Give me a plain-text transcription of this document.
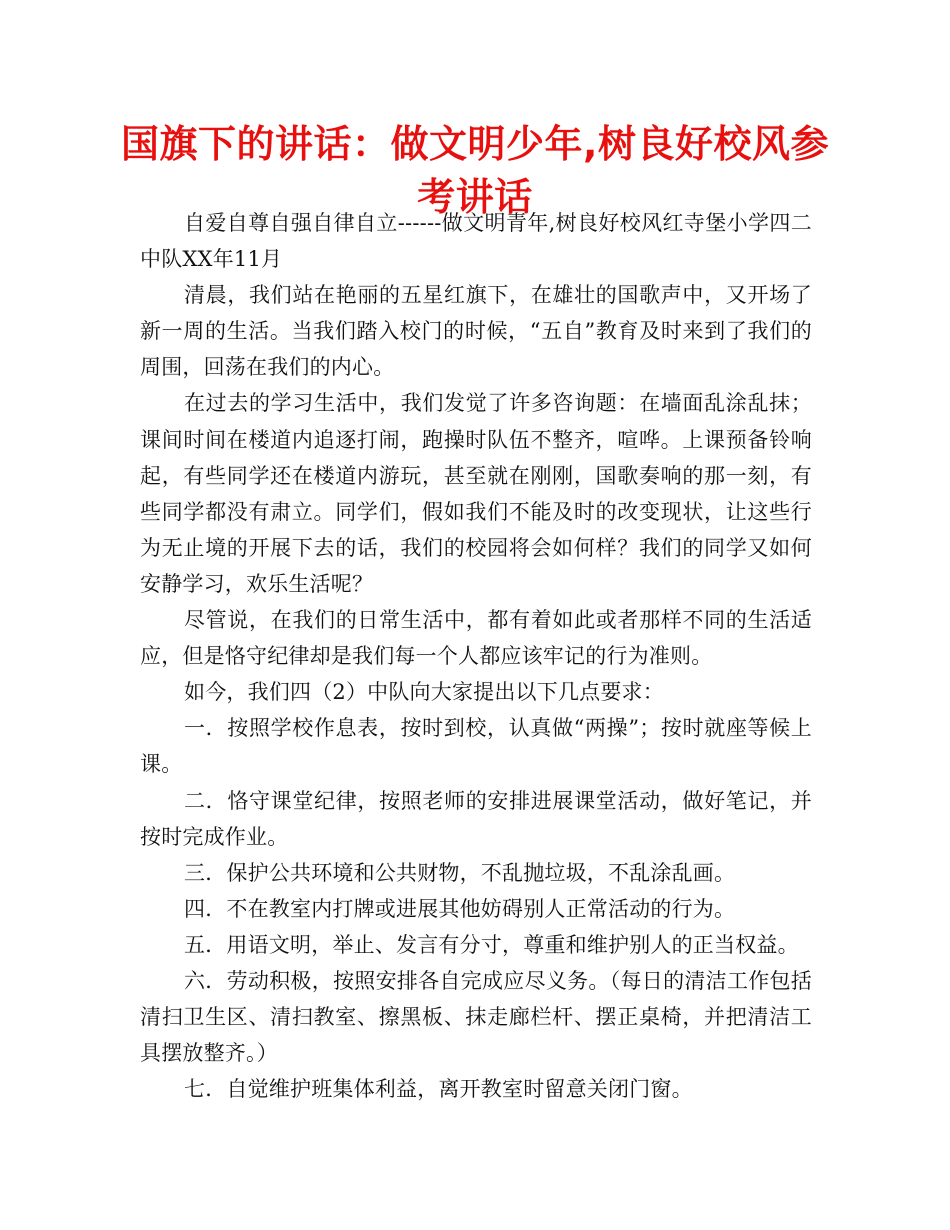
国旗下的讲话：做文明少年,树良好校风参考讲话

自爱自尊自强自律自立------做文明青年,树良好校风红寺堡小学四二中队XX年11月

清晨，我们站在艳丽的五星红旗下，在雄壮的国歌声中，又开场了新一周的生活。当我们踏入校门的时候，“五自”教育及时来到了我们的周围，回荡在我们的内心。

在过去的学习生活中，我们发觉了许多咨询题：在墙面乱涂乱抹；课间时间在楼道内追逐打闹，跑操时队伍不整齐，喧哗。上课预备铃响起，有些同学还在楼道内游玩，甚至就在刚刚，国歌奏响的那一刻，有些同学都没有肃立。同学们，假如我们不能及时的改变现状，让这些行为无止境的开展下去的话，我们的校园将会如何样？我们的同学又如何安静学习，欢乐生活呢？

尽管说，在我们的日常生活中，都有着如此或者那样不同的生活适应，但是恪守纪律却是我们每一个人都应该牢记的行为准则。

如今，我们四（2）中队向大家提出以下几点要求：

一．按照学校作息表，按时到校，认真做“两操”；按时就座等候上课。

二．恪守课堂纪律，按照老师的安排进展课堂活动，做好笔记，并按时完成作业。

三．保护公共环境和公共财物，不乱抛垃圾，不乱涂乱画。

四．不在教室内打牌或进展其他妨碍别人正常活动的行为。

五．用语文明，举止、发言有分寸，尊重和维护别人的正当权益。

六．劳动积极，按照安排各自完成应尽义务。（每日的清洁工作包括清扫卫生区、清扫教室、擦黑板、抹走廊栏杆、摆正桌椅，并把清洁工具摆放整齐。）

七．自觉维护班集体利益，离开教室时留意关闭门窗。
